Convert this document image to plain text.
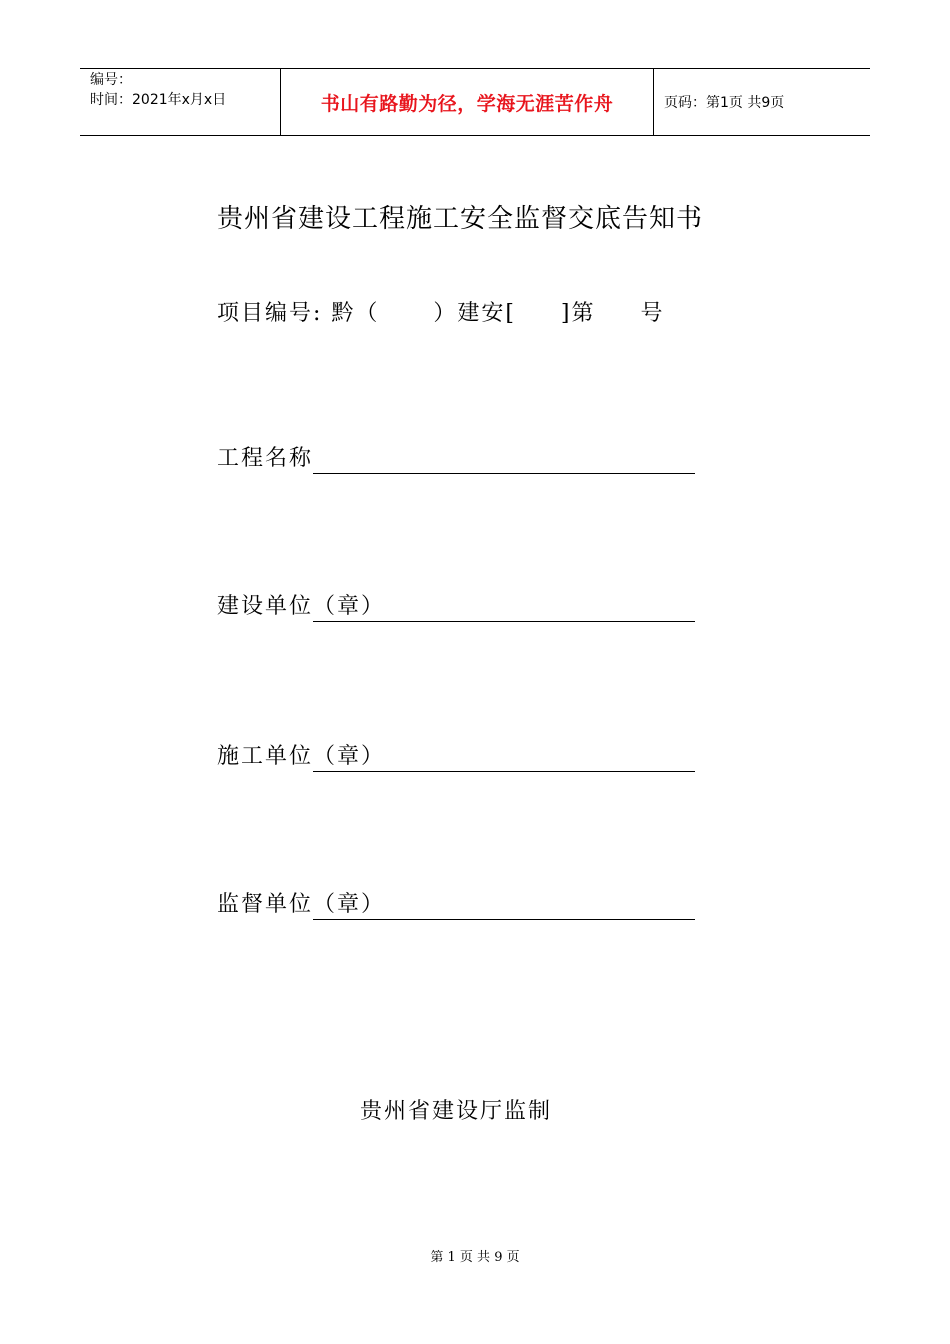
编号：
时间：2021年x月x日	书山有路勤为径，学海无涯苦作舟	页码：第1页 共9页
贵州省建设工程施工安全监督交底告知书
项目编号: 黔（      ）建安[     ]第     号
工程名称
建设单位（章）
施工单位（章）
监督单位（章）
贵州省建设厅监制
第 1 页 共 9 页
